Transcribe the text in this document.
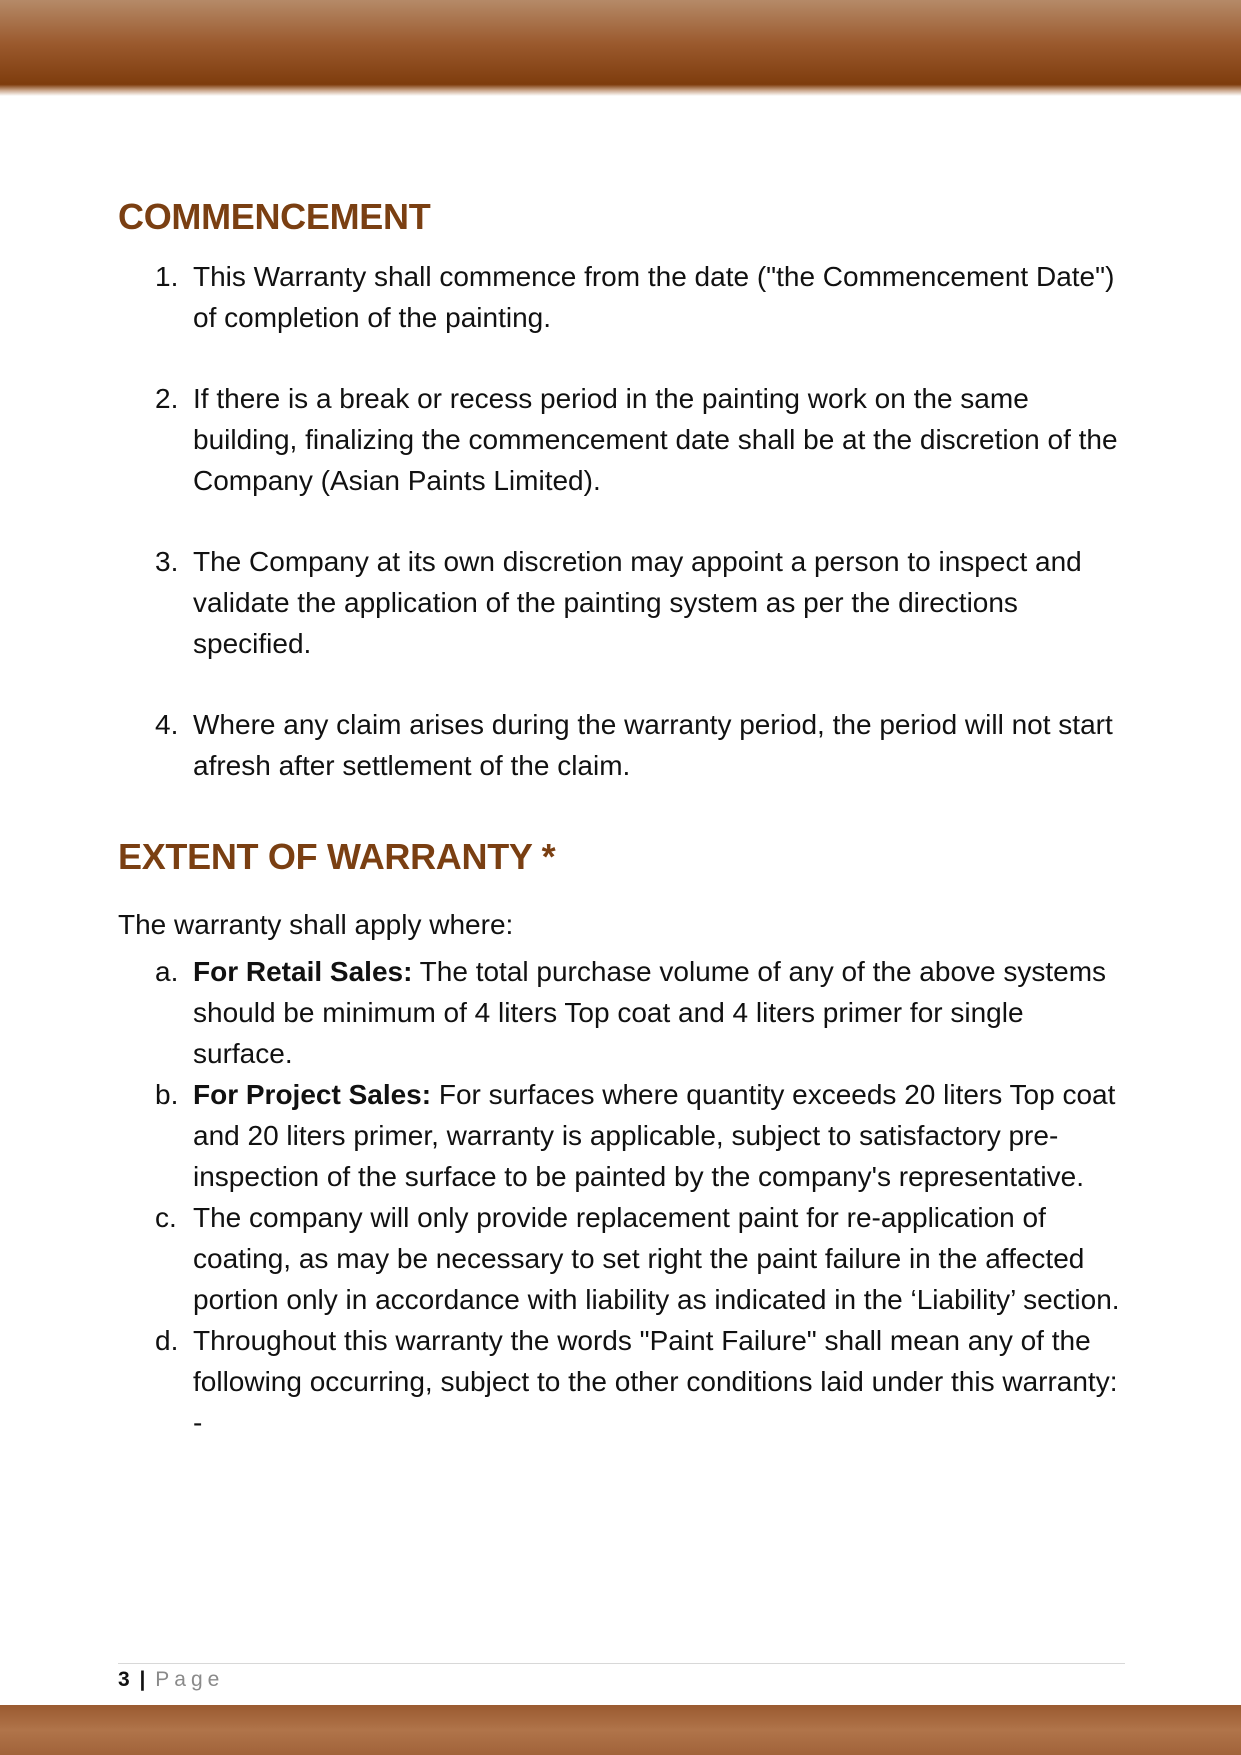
COMMENCEMENT
1. This Warranty shall commence from the date ("the Commencement Date") of completion of the painting.
2. If there is a break or recess period in the painting work on the same building, finalizing the commencement date shall be at the discretion of the Company (Asian Paints Limited).
3. The Company at its own discretion may appoint a person to inspect and validate the application of the painting system as per the directions specified.
4. Where any claim arises during the warranty period, the period will not start afresh after settlement of the claim.
EXTENT OF WARRANTY *
The warranty shall apply where:
a. For Retail Sales: The total purchase volume of any of the above systems should be minimum of 4 liters Top coat and 4 liters primer for single surface.
b. For Project Sales: For surfaces where quantity exceeds 20 liters Top coat and 20 liters primer, warranty is applicable, subject to satisfactory pre-inspection of the surface to be painted by the company's representative.
c. The company will only provide replacement paint for re-application of coating, as may be necessary to set right the paint failure in the affected portion only in accordance with liability as indicated in the ‘Liability’ section.
d. Throughout this warranty the words "Paint Failure" shall mean any of the following occurring, subject to the other conditions laid under this warranty: -
3 | Page
